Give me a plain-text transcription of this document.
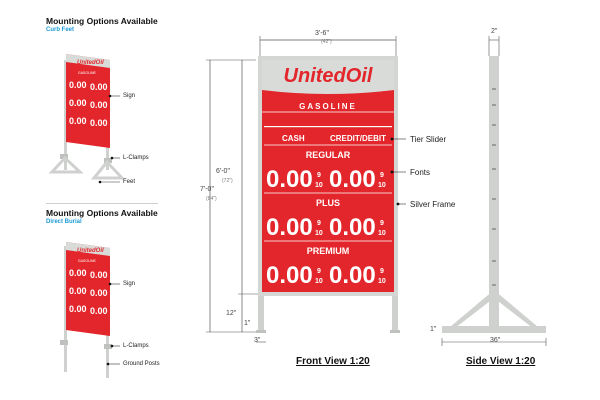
Mounting Options Available
Curb Feet
UnitedOil
GASOLINE
0.00 0.00
0.00 0.00
0.00 0.00
Sign
L-Clamps
Feet
Mounting Options Available
Direct Burial
UnitedOil
GASOLINE
0.00 0.00
0.00 0.00
0.00 0.00
Sign
L-Clamps
Ground Posts
UnitedOil
GASOLINE
CASH	CREDIT/DEBIT
REGULAR
0.00 9
10 0.00 9
10
PLUS
0.00 9
10 0.00 9
10
PREMIUM
0.00 9
10 0.00 9
10
3'-6"
(42")
6'-0"
(72")
7'-0"
(84")
12"
1"
3"
Tier Slider
Fonts
Silver Frame
Front View 1:20
2"
1"
36"
Side View 1:20
